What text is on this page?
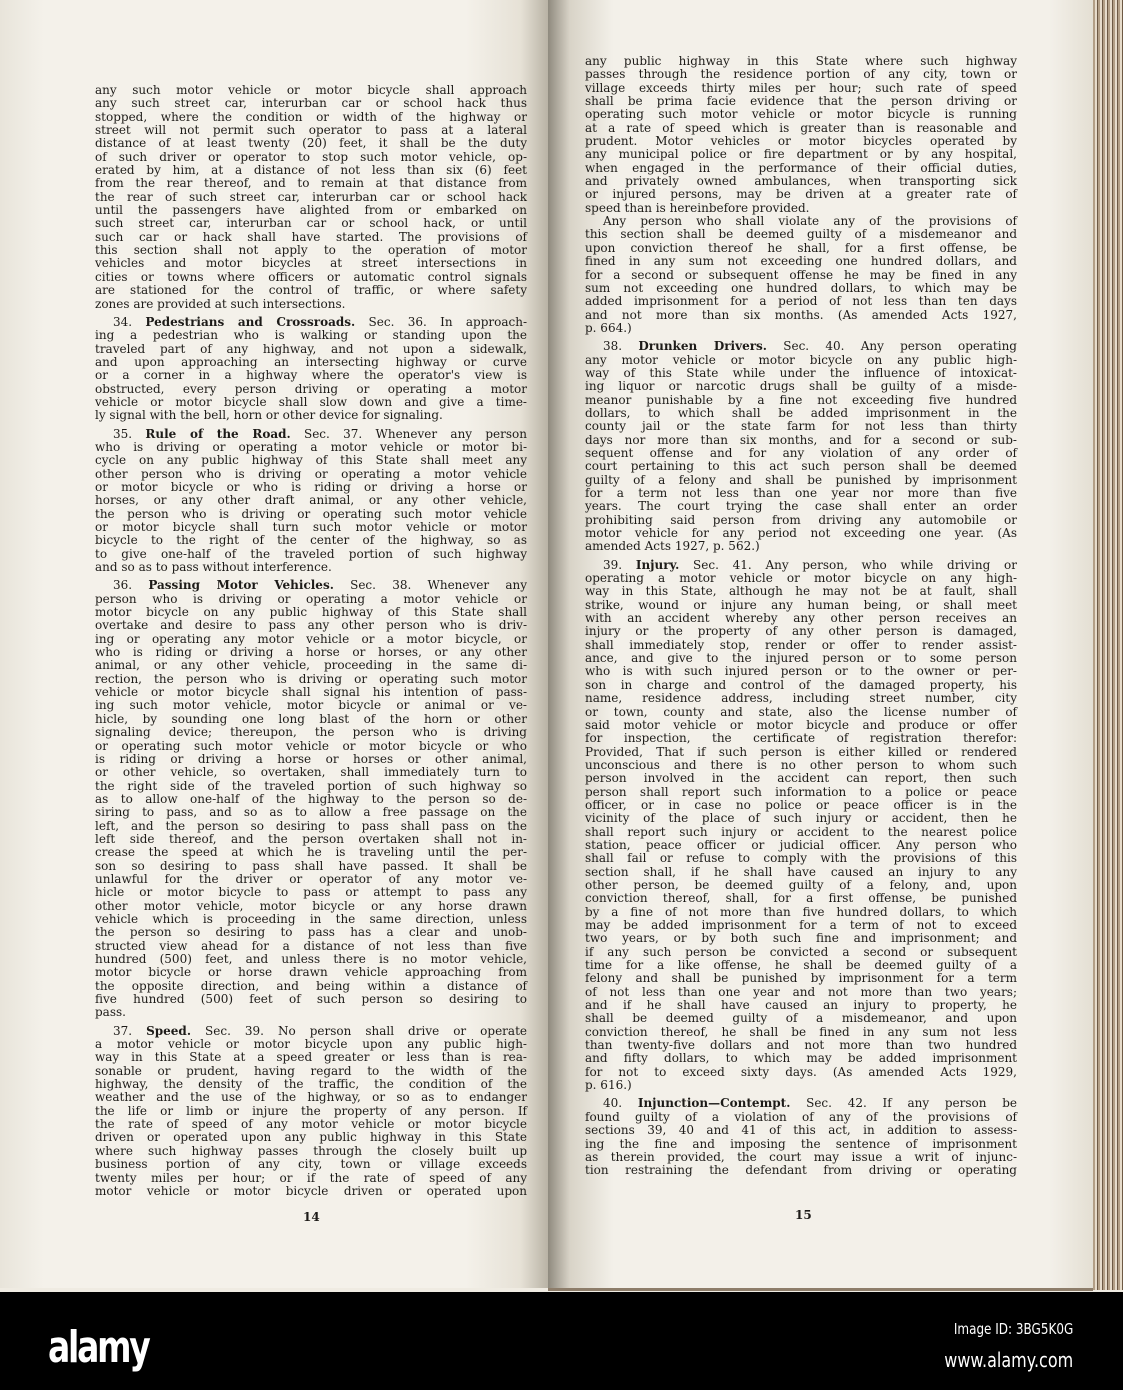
any such motor vehicle or motor bicycle shall approach
any such street car, interurban car or school hack thus
stopped, where the condition or width of the highway or
street will not permit such operator to pass at a lateral
distance of at least twenty (20) feet, it shall be the duty
of such driver or operator to stop such motor vehicle, op-
erated by him, at a distance of not less than six (6) feet
from the rear thereof, and to remain at that distance from
the rear of such street car, interurban car or school hack
until the passengers have alighted from or embarked on
such street car, interurban car or school hack, or until
such car or hack shall have started. The provisions of
this section shall not apply to the operation of motor
vehicles and motor bicycles at street intersections in
cities or towns where officers or automatic control signals
are stationed for the control of traffic, or where safety
zones are provided at such intersections.
34. Pedestrians and Crossroads. Sec. 36. In approach-
ing a pedestrian who is walking or standing upon the
traveled part of any highway, and not upon a sidewalk,
and upon approaching an intersecting highway or curve
or a corner in a highway where the operator's view is
obstructed, every person driving or operating a motor
vehicle or motor bicycle shall slow down and give a time-
ly signal with the bell, horn or other device for signaling.
35. Rule of the Road. Sec. 37. Whenever any person
who is driving or operating a motor vehicle or motor bi-
cycle on any public highway of this State shall meet any
other person who is driving or operating a motor vehicle
or motor bicycle or who is riding or driving a horse or
horses, or any other draft animal, or any other vehicle,
the person who is driving or operating such motor vehicle
or motor bicycle shall turn such motor vehicle or motor
bicycle to the right of the center of the highway, so as
to give one-half of the traveled portion of such highway
and so as to pass without interference.
36. Passing Motor Vehicles. Sec. 38. Whenever any
person who is driving or operating a motor vehicle or
motor bicycle on any public highway of this State shall
overtake and desire to pass any other person who is driv-
ing or operating any motor vehicle or a motor bicycle, or
who is riding or driving a horse or horses, or any other
animal, or any other vehicle, proceeding in the same di-
rection, the person who is driving or operating such motor
vehicle or motor bicycle shall signal his intention of pass-
ing such motor vehicle, motor bicycle or animal or ve-
hicle, by sounding one long blast of the horn or other
signaling device; thereupon, the person who is driving
or operating such motor vehicle or motor bicycle or who
is riding or driving a horse or horses or other animal,
or other vehicle, so overtaken, shall immediately turn to
the right side of the traveled portion of such highway so
as to allow one-half of the highway to the person so de-
siring to pass, and so as to allow a free passage on the
left, and the person so desiring to pass shall pass on the
left side thereof, and the person overtaken shall not in-
crease the speed at which he is traveling until the per-
son so desiring to pass shall have passed. It shall be
unlawful for the driver or operator of any motor ve-
hicle or motor bicycle to pass or attempt to pass any
other motor vehicle, motor bicycle or any horse drawn
vehicle which is proceeding in the same direction, unless
the person so desiring to pass has a clear and unob-
structed view ahead for a distance of not less than five
hundred (500) feet, and unless there is no motor vehicle,
motor bicycle or horse drawn vehicle approaching from
the opposite direction, and being within a distance of
five hundred (500) feet of such person so desiring to
pass.
37. Speed. Sec. 39. No person shall drive or operate
a motor vehicle or motor bicycle upon any public high-
way in this State at a speed greater or less than is rea-
sonable or prudent, having regard to the width of the
highway, the density of the traffic, the condition of the
weather and the use of the highway, or so as to endanger
the life or limb or injure the property of any person. If
the rate of speed of any motor vehicle or motor bicycle
driven or operated upon any public highway in this State
where such highway passes through the closely built up
business portion of any city, town or village exceeds
twenty miles per hour; or if the rate of speed of any
motor vehicle or motor bicycle driven or operated upon
14
any public highway in this State where such highway
passes through the residence portion of any city, town or
village exceeds thirty miles per hour; such rate of speed
shall be prima facie evidence that the person driving or
operating such motor vehicle or motor bicycle is running
at a rate of speed which is greater than is reasonable and
prudent. Motor vehicles or motor bicycles operated by
any municipal police or fire department or by any hospital,
when engaged in the performance of their official duties,
and privately owned ambulances, when transporting sick
or injured persons, may be driven at a greater rate of
speed than is hereinbefore provided.
Any person who shall violate any of the provisions of
this section shall be deemed guilty of a misdemeanor and
upon conviction thereof he shall, for a first offense, be
fined in any sum not exceeding one hundred dollars, and
for a second or subsequent offense he may be fined in any
sum not exceeding one hundred dollars, to which may be
added imprisonment for a period of not less than ten days
and not more than six months. (As amended Acts 1927,
p. 664.)
38. Drunken Drivers. Sec. 40. Any person operating
any motor vehicle or motor bicycle on any public high-
way of this State while under the influence of intoxicat-
ing liquor or narcotic drugs shall be guilty of a misde-
meanor punishable by a fine not exceeding five hundred
dollars, to which shall be added imprisonment in the
county jail or the state farm for not less than thirty
days nor more than six months, and for a second or sub-
sequent offense and for any violation of any order of
court pertaining to this act such person shall be deemed
guilty of a felony and shall be punished by imprisonment
for a term not less than one year nor more than five
years. The court trying the case shall enter an order
prohibiting said person from driving any automobile or
motor vehicle for any period not exceeding one year. (As
amended Acts 1927, p. 562.)
39. Injury. Sec. 41. Any person, who while driving or
operating a motor vehicle or motor bicycle on any high-
way in this State, although he may not be at fault, shall
strike, wound or injure any human being, or shall meet
with an accident whereby any other person receives an
injury or the property of any other person is damaged,
shall immediately stop, render or offer to render assist-
ance, and give to the injured person or to some person
who is with such injured person or to the owner or per-
son in charge and control of the damaged property, his
name, residence address, including street number, city
or town, county and state, also the license number of
said motor vehicle or motor bicycle and produce or offer
for inspection, the certificate of registration therefor:
Provided, That if such person is either killed or rendered
unconscious and there is no other person to whom such
person involved in the accident can report, then such
person shall report such information to a police or peace
officer, or in case no police or peace officer is in the
vicinity of the place of such injury or accident, then he
shall report such injury or accident to the nearest police
station, peace officer or judicial officer. Any person who
shall fail or refuse to comply with the provisions of this
section shall, if he shall have caused an injury to any
other person, be deemed guilty of a felony, and, upon
conviction thereof, shall, for a first offense, be punished
by a fine of not more than five hundred dollars, to which
may be added imprisonment for a term of not to exceed
two years, or by both such fine and imprisonment; and
if any such person be convicted a second or subsequent
time for a like offense, he shall be deemed guilty of a
felony and shall be punished by imprisonment for a term
of not less than one year and not more than two years;
and if he shall have caused an injury to property, he
shall be deemed guilty of a misdemeanor, and upon
conviction thereof, he shall be fined in any sum not less
than twenty-five dollars and not more than two hundred
and fifty dollars, to which may be added imprisonment
for not to exceed sixty days. (As amended Acts 1929,
p. 616.)
40. Injunction—Contempt. Sec. 42. If any person be
found guilty of a violation of any of the provisions of
sections 39, 40 and 41 of this act, in addition to assess-
ing the fine and imposing the sentence of imprisonment
as therein provided, the court may issue a writ of injunc-
tion restraining the defendant from driving or operating
15
alamy	Image ID: 3BG5K0G
www.alamy.com
